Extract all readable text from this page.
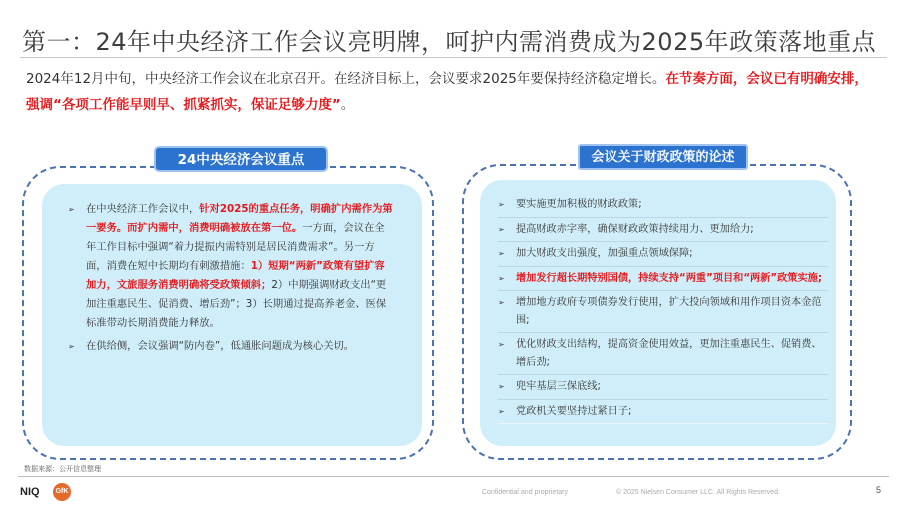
第一：24年中央经济工作会议亮明牌，呵护内需消费成为2025年政策落地重点
2024年12月中旬，中央经济工作会议在北京召开。在经济目标上，会议要求2025年要保持经济稳定增长。在节奏方面，会议已有明确安排，强调“各项工作能早则早、抓紧抓实，保证足够力度”。
24中央经济会议重点
➢ 在中央经济工作会议中，针对2025的重点任务，明确扩内需作为第一要务。而扩内需中，消费明确被放在第一位。一方面，会议在全年工作目标中强调“着力提振内需特别是居民消费需求”。另一方面，消费在短中长期均有刺激措施：1）短期“两新”政策有望扩容加力，文旅服务消费明确将受政策倾斜；2）中期强调财政支出“更加注重惠民生、促消费、增后劲”；3）长期通过提高养老金、医保标准带动长期消费能力释放。
➢ 在供给侧，会议强调“防内卷”，低通胀问题成为核心关切。
会议关于财政政策的论述
➢ 要实施更加积极的财政政策;
➢ 提高财政赤字率，确保财政政策持续用力、更加给力;
➢ 加大财政支出强度，加强重点领域保障;
➢ 增加发行超长期特别国债，持续支持“两重”项目和“两新”政策实施;
➢ 增加地方政府专项债券发行使用，扩大投向领域和用作项目资本金范围;
➢ 优化财政支出结构，提高资金使用效益，更加注重惠民生、促销费、增后劲;
➢ 兜牢基层三保底线;
➢ 党政机关要坚持过紧日子;
数据来源：公开信息整理
NIQ	GfK	Confidential and proprietary	© 2025 Nielsen Consumer LLC. All Rights Reserved.	5
